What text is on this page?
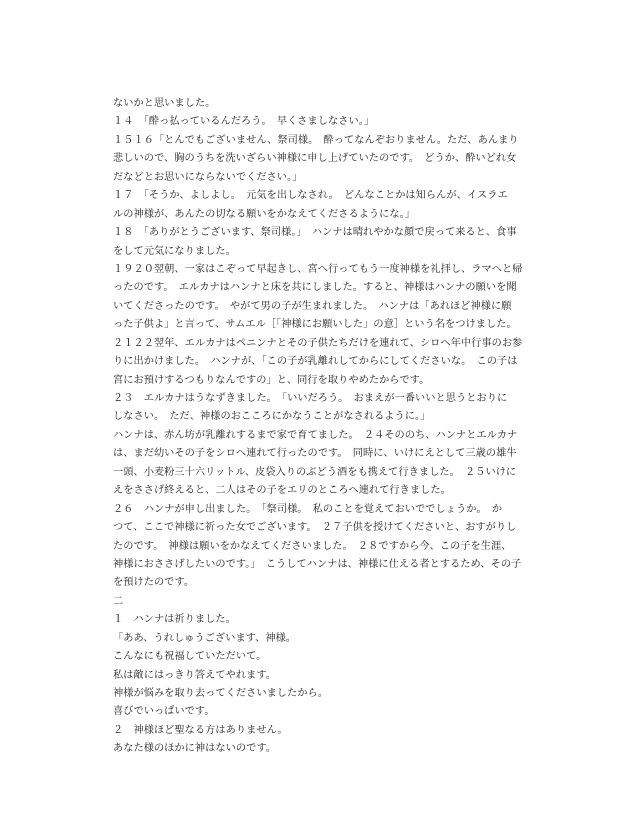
ないかと思いました。
１４　「酔っ払っているんだろう。　早くさましなさい。」
１５１６「とんでもございません、祭司様。　酔ってなんぞおりません。ただ、あんまり
悲しいので、胸のうちを洗いざらい神様に申し上げていたのです。　どうか、酔いどれ女
だなどとお思いにならないでください。」
１７　「そうか、よしよし。　元気を出しなされ。　どんなことかは知らんが、イスラエ
ルの神様が、あんたの切なる願いをかなえてくださるようにな。」
１８　「ありがとうございます、祭司様。」　ハンナは晴れやかな顔で戻って来ると、食事
をして元気になりました。
１９２０翌朝、一家はこぞって早起きし、宮へ行ってもう一度神様を礼拝し、ラマへと帰
ったのです。　エルカナはハンナと床を共にしました。すると、神様はハンナの願いを聞
いてくださったのです。　やがて男の子が生まれました。　ハンナは「あれほど神様に願
った子供よ」と言って、サムエル［「神様にお願いした」の意］という名をつけました。
２１２２翌年、エルカナはペニンナとその子供たちだけを連れて、シロへ年中行事のお参
りに出かけました。　ハンナが、「この子が乳離れしてからにしてくださいな。　この子は
宮にお預けするつもりなんですの」と、同行を取りやめたからです。
２３　エルカナはうなずきました。　「いいだろう。　おまえが一番いいと思うとおりに
しなさい。　ただ、神様のおこころにかなうことがなされるように。」
ハンナは、赤ん坊が乳離れするまで家で育てました。　２４そののち、ハンナとエルカナ
は、まだ幼いその子をシロへ連れて行ったのです。　同時に、いけにえとして三歳の雄牛
一頭、小麦粉三十六リットル、皮袋入りのぶどう酒をも携えて行きました。　２５いけに
えをささげ終えると、二人はその子をエリのところへ連れて行きました。
２６　ハンナが申し出ました。　「祭司様。　私のことを覚えておいででしょうか。　か
つて、ここで神様に祈った女でございます。　２７子供を授けてくださいと、おすがりし
たのです。　神様は願いをかなえてくださいました。　２８ですから今、この子を生涯、
神様におささげしたいのです。」　こうしてハンナは、神様に仕える者とするため、その子
を預けたのです。
二
１　ハンナは祈りました。
「ああ、うれしゅうございます、神様。
こんなにも祝福していただいて。
私は敵にはっきり答えてやれます。
神様が悩みを取り去ってくださいましたから。
喜びでいっぱいです。
２　神様ほど聖なる方はありません。
あなた様のほかに神はないのです。
